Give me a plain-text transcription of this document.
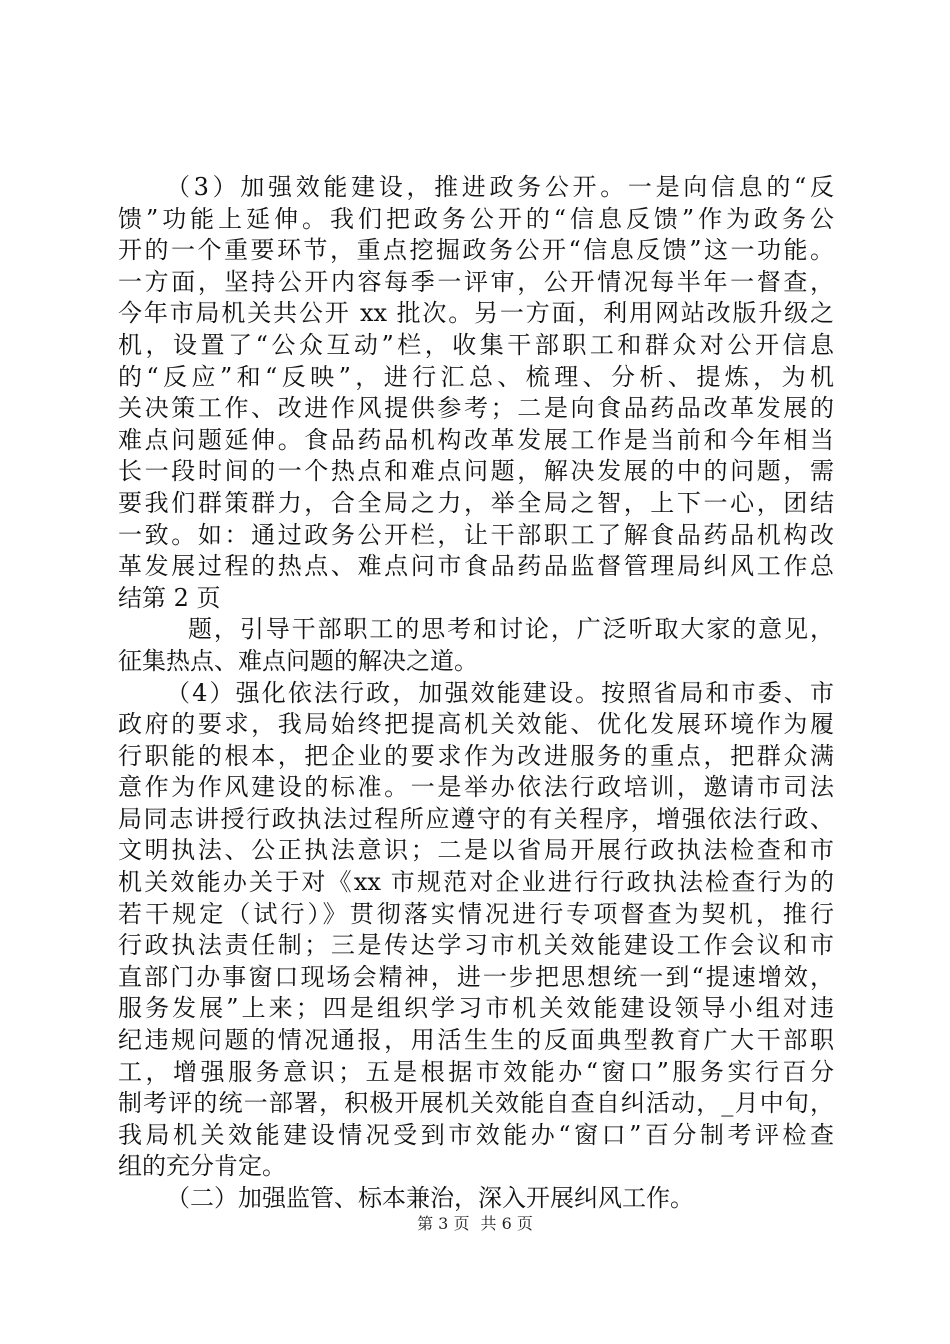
（3）加强效能建设，推进政务公开。一是向信息的“反
馈”功能上延伸。我们把政务公开的“信息反馈”作为政务公
开的一个重要环节，重点挖掘政务公开“信息反馈”这一功能。
一方面，坚持公开内容每季一评审，公开情况每半年一督查，
今年市局机关共公开 xx 批次。另一方面，利用网站改版升级之
机，设置了“公众互动”栏，收集干部职工和群众对公开信息
的“反应”和“反映”，进行汇总、梳理、分析、提炼，为机
关决策工作、改进作风提供参考；二是向食品药品改革发展的
难点问题延伸。食品药品机构改革发展工作是当前和今年相当
长一段时间的一个热点和难点问题，解决发展的中的问题，需
要我们群策群力，合全局之力，举全局之智，上下一心，团结
一致。如：通过政务公开栏，让干部职工了解食品药品机构改
革发展过程的热点、难点问市食品药品监督管理局纠风工作总
结第 2 页
题，引导干部职工的思考和讨论，广泛听取大家的意见，
征集热点、难点问题的解决之道。
（4）强化依法行政，加强效能建设。按照省局和市委、市
政府的要求，我局始终把提高机关效能、优化发展环境作为履
行职能的根本，把企业的要求作为改进服务的重点，把群众满
意作为作风建设的标准。一是举办依法行政培训，邀请市司法
局同志讲授行政执法过程所应遵守的有关程序，增强依法行政、
文明执法、公正执法意识；二是以省局开展行政执法检查和市
机关效能办关于对《xx 市规范对企业进行行政执法检查行为的
若干规定（试行）》贯彻落实情况进行专项督查为契机，推行
行政执法责任制；三是传达学习市机关效能建设工作会议和市
直部门办事窗口现场会精神，进一步把思想统一到“提速增效，
服务发展”上来；四是组织学习市机关效能建设领导小组对违
纪违规问题的情况通报，用活生生的反面典型教育广大干部职
工，增强服务意识；五是根据市效能办“窗口”服务实行百分
制考评的统一部署，积极开展机关效能自查自纠活动，_月中旬，
我局机关效能建设情况受到市效能办“窗口”百分制考评检查
组的充分肯定。
（二）加强监管、标本兼治，深入开展纠风工作。
第 3 页 共 6 页
